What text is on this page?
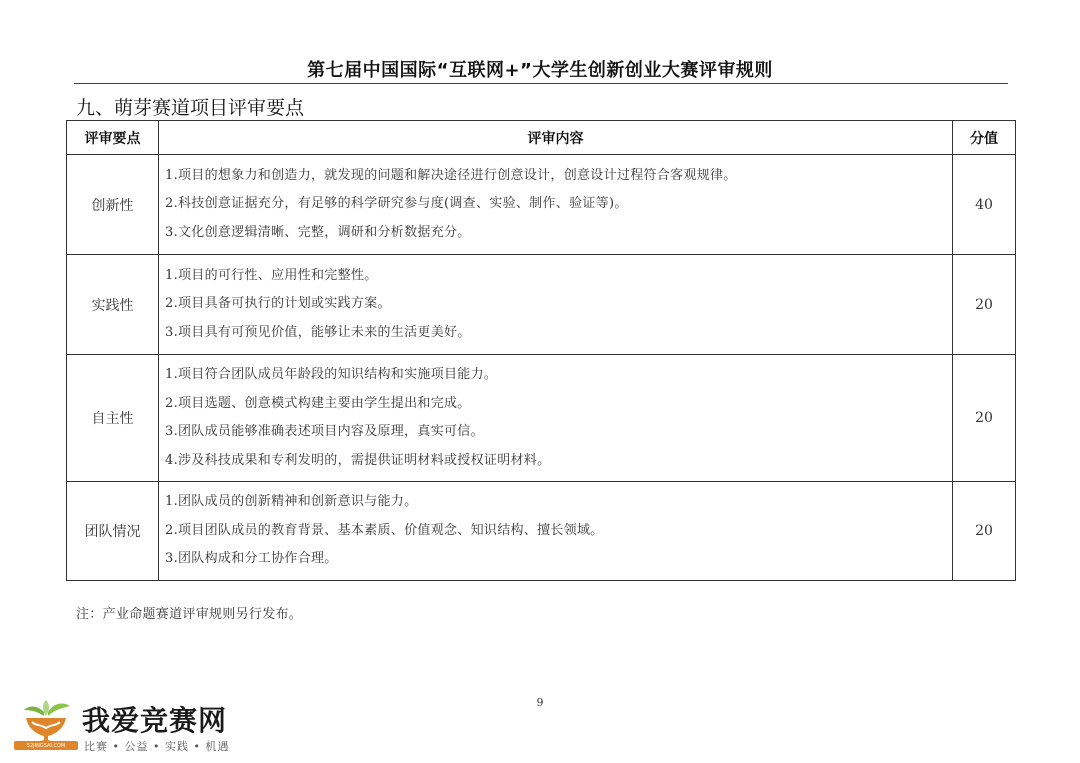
第七届中国国际“互联网+”大学生创新创业大赛评审规则
九、萌芽赛道项目评审要点
评审要点	评审内容	分值
创新性	1.项目的想象力和创造力，就发现的问题和解决途径进行创意设计，创意设计过程符合客观规律。
2.科技创意证据充分，有足够的科学研究参与度(调查、实验、制作、验证等)。
3.文化创意逻辑清晰、完整，调研和分析数据充分。	40
实践性	1.项目的可行性、应用性和完整性。
2.项目具备可执行的计划或实践方案。
3.项目具有可预见价值，能够让未来的生活更美好。	20
自主性	1.项目符合团队成员年龄段的知识结构和实施项目能力。
2.项目选题、创意模式构建主要由学生提出和完成。
3.团队成员能够准确表述项目内容及原理，真实可信。
4.涉及科技成果和专利发明的，需提供证明材料或授权证明材料。	20
团队情况	1.团队成员的创新精神和创新意识与能力。
2.项目团队成员的教育背景、基本素质、价值观念、知识结构、擅长领域。
3.团队构成和分工协作合理。	20
注：产业命题赛道评审规则另行发布。
9
52JINGSAI.COM
我爱竞赛网
比赛 • 公益 • 实践 • 机遇
